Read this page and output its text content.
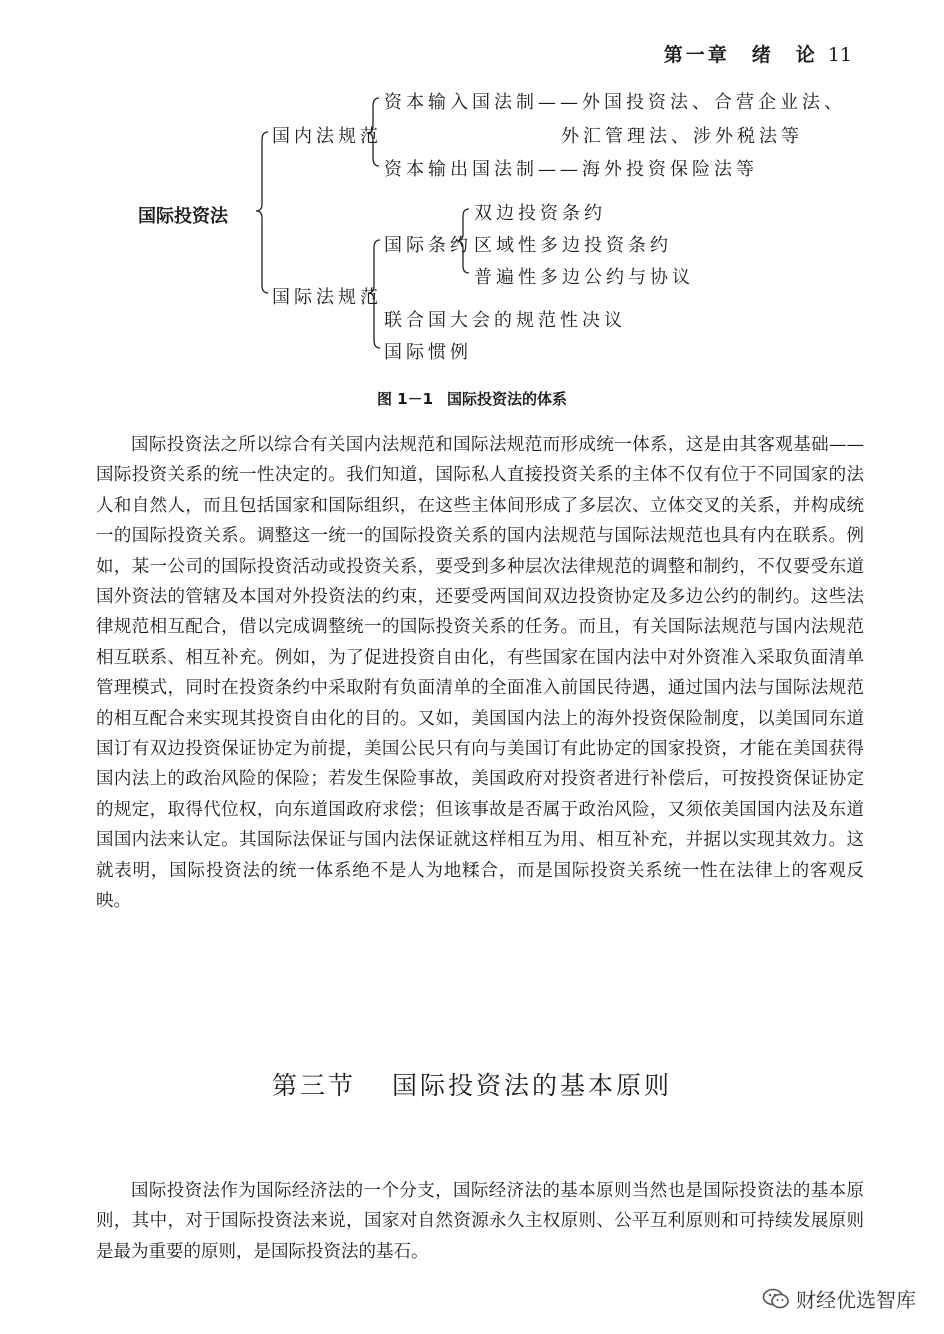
第一章　绪　论 11
国际投资法
国内法规范
资本输入国法制——外国投资法、合营企业法、
外汇管理法、涉外税法等
资本输出国法制——海外投资保险法等
国际法规范
国际条约
双边投资条约
区域性多边投资条约
普遍性多边公约与协议
联合国大会的规范性决议
国际惯例
图 1－1 国际投资法的体系

国际投资法之所以综合有关国内法规范和国际法规范而形成统一体系，这是由其客观基础——国际投资关系的统一性决定的。我们知道，国际私人直接投资关系的主体不仅有位于不同国家的法人和自然人，而且包括国家和国际组织，在这些主体间形成了多层次、立体交叉的关系，并构成统一的国际投资关系。调整这一统一的国际投资关系的国内法规范与国际法规范也具有内在联系。例如，某一公司的国际投资活动或投资关系，要受到多种层次法律规范的调整和制约，不仅要受东道国外资法的管辖及本国对外投资法的约束，还要受两国间双边投资协定及多边公约的制约。这些法律规范相互配合，借以完成调整统一的国际投资关系的任务。而且，有关国际法规范与国内法规范相互联系、相互补充。例如，为了促进投资自由化，有些国家在国内法中对外资准入采取负面清单管理模式，同时在投资条约中采取附有负面清单的全面准入前国民待遇，通过国内法与国际法规范的相互配合来实现其投资自由化的目的。又如，美国国内法上的海外投资保险制度，以美国同东道国订有双边投资保证协定为前提，美国公民只有向与美国订有此协定的国家投资，才能在美国获得国内法上的政治风险的保险；若发生保险事故，美国政府对投资者进行补偿后，可按投资保证协定的规定，取得代位权，向东道国政府求偿；但该事故是否属于政治风险，又须依美国国内法及东道国国内法来认定。其国际法保证与国内法保证就这样相互为用、相互补充，并据以实现其效力。这就表明，国际投资法的统一体系绝不是人为地糅合，而是国际投资关系统一性在法律上的客观反映。

第三节 国际投资法的基本原则

国际投资法作为国际经济法的一个分支，国际经济法的基本原则当然也是国际投资法的基本原则，其中，对于国际投资法来说，国家对自然资源永久主权原则、公平互利原则和可持续发展原则是最为重要的原则，是国际投资法的基石。

财经优选智库
